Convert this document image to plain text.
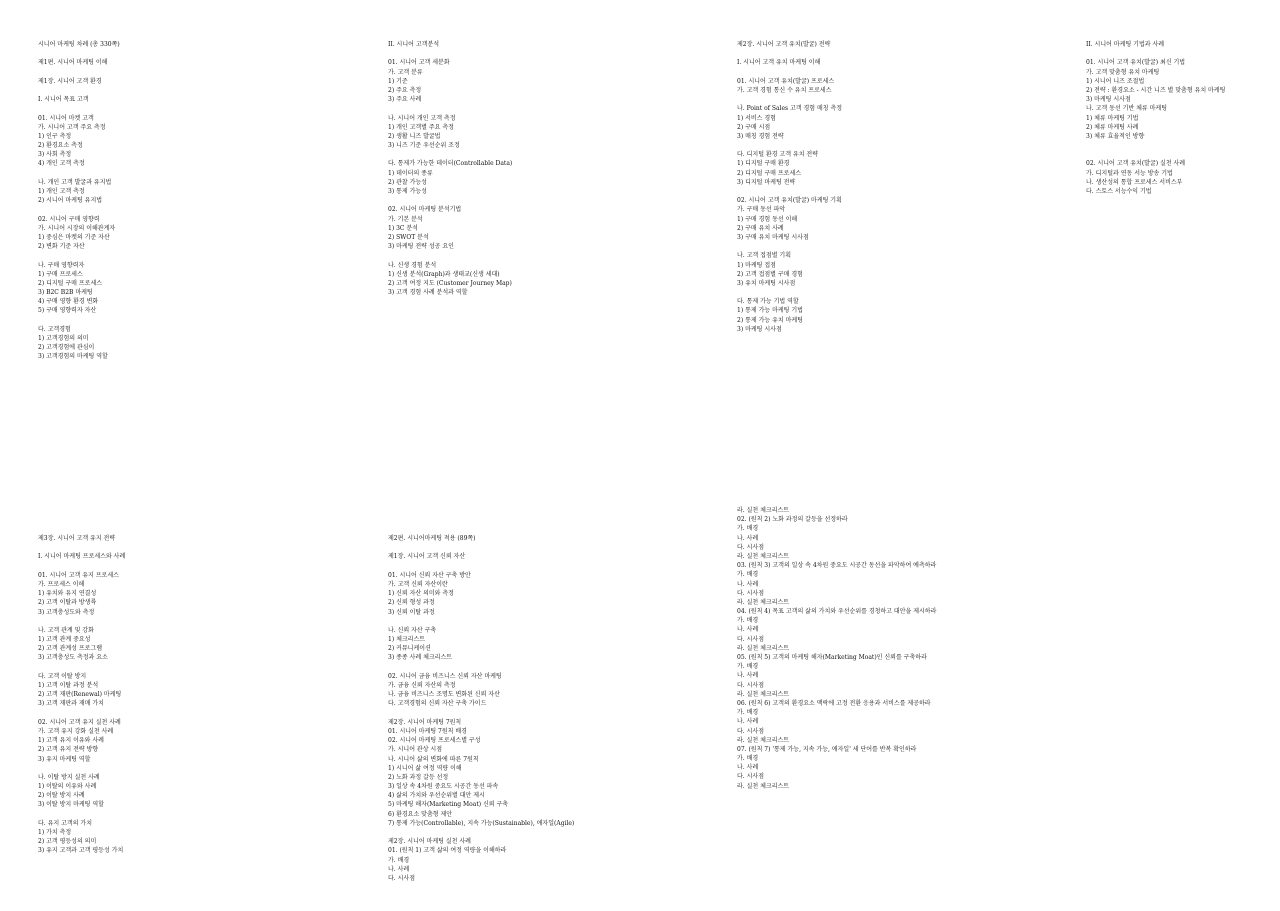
시니어 마케팅 차례 (총 330쪽)
제1편. 시니어 마케팅 이해
제1장. 시니어 고객 환경
I. 시니어 목표 고객
01. 시니어 마켓 고객
가. 시니어 고객 주요 측정
1) 인구 측정
2) 환경요소 측정
3) 사회 측정
4) 개인 고객 측정
나. 개인 고객 발굴과 유지법
1) 개인 고객 측정
2) 시니어 마케팅 유지법
02. 시니어 구매 영향력
가. 시니어 시장의 이해관계자
1) 중심은 마켓의 기준 자산
2) 변화 기준 자산
나. 구매 영향력자
1) 구매 프로세스
2) 디지털 구매 프로세스
3) B2C B2B 마케팅
4) 구매 영향 환경 변화
5) 구매 영향력자 자산
다. 고객경험
1) 고객경험의 의미
2) 고객경험에 관심이
3) 고객경험의 마케팅 역할
II. 시니어 고객분석
01. 시니어 고객 세분화
가. 고객 분류
1) 기준
2) 주요 측정
3) 주요 사례
나. 시니어 개인 고객 측정
1) 개인 고객별 주요 측정
2) 생활 니즈 발굴법
3) 니즈 기준 우선순위 조정
다. 통제가 가능한 데이터(Controllable Data)
1) 데이터의 종류
2) 관찰 가능성
3) 통제 가능성
02. 시니어 마케팅 분석기법
가. 기본 분석
1) 3C 분석
2) SWOT 분석
3) 마케팅 전략 성공 요인
나. 신생 경험 분석
1) 신생 분석(Graph)과 생태교(신생 세대)
2) 고객 여정 지도 (Customer Journey Map)
3) 고객 경험 사례 분석과 역할
제2장. 시니어 고객 유치(발굴) 전략
I. 시니어 고객 유치 마케팅 이해
01. 시니어 고객 유치(발굴) 프로세스
가. 고객 경험 통신 수 유치 프로세스
나. Point of Sales 고객 경험 매칭 측정
1) 서비스 경험
2) 구매 시점
3) 매칭 경험 전략
다. 디지털 환경 고객 유치 전략
1) 디지털 구매 환경
2) 디지털 구매 프로세스
3) 디지털 마케팅 전략
02. 시니어 고객 유치(발굴) 마케팅 기획
가. 구매 동선 파악
1) 구매 경험 동선 이해
2) 구매 유치 사례
3) 구매 유치 마케팅 시사점
나. 고객 접점별 기획
1) 마케팅 접점
2) 고객 접점별 구매 경험
3) 유치 마케팅 시사점
다. 통제 가능 기법 역할
1) 통제 가능 마케팅 기법
2) 통제 가능 유치 마케팅
3) 마케팅 시사점
II. 시니어 마케팅 기법과 사례
01. 시니어 고객 유치(발굴) 최신 기법
가. 고객 맞춤형 유치 마케팅
1) 시니어 니즈 조절법
2) 전략 : 환경요소 - 시간 니즈 별 맞춤형 유치 마케팅
3) 마케팅 시사점
나. 고객 동선 기반 체류 마케팅
1) 체류 마케팅 기법
2) 체류 마케팅 사례
3) 체류 효율적인 방향
02. 시니어 고객 유치(발굴) 실천 사례
가. 디지털과 연동 서능 방송 기법
나. 생산성의 통합 프로세스 서비스부
다. 스토스 서능수익 기법
제3장. 시니어 고객 유지 전략
I. 시니어 마케팅 프로세스와 사례
01. 시니어 고객 유지 프로세스
가. 프로세스 이해
1) 유치와 유지 연결성
2) 고객 이탈과 방생륙
3) 고객충성도와 측정
나. 고객 관계 및 강화
1) 고객 관계 중요성
2) 고객 관계성 프로그램
3) 고객충성도 측정과 요소
다. 고객 이탈 방지
1) 고객 이탈 과정 분석
2) 고객 재판(Renewal) 마케팅
3) 고객 재판과 재매 가치
02. 시니어 고객 유지 실천 사례
가. 고객 유지 강화 실천 사례
1) 고객 유지 이유와 사례
2) 고객 유지 전략 방향
3) 유지 마케팅 역할
나. 이탈 방지 실천 사례
1) 이탈의 이유와 사례
2) 이탈 방지 사례
3) 이탈 방지 마케팅 역할
다. 유지 고객의 가치
1) 가치 측정
2) 고객 평등성의 의미
3) 유지 고객과 고객 평등성 가치
제2편. 시니어마케팅 적용 (89쪽)
제1장. 시니어 고객 신뢰 자산
01. 시니어 신뢰 자산 구축 방안
가. 고객 신뢰 자산이란
1) 신뢰 자산 의미와 측정
2) 신뢰 형성 과정
3) 신뢰 이탈 과정
나. 신뢰 자산 구축
1) 체크리스트
2) 커뮤니케이션
3) 종종 사례 체크리스트
02. 시니어 금융 비즈니스 신뢰 자산 마케팅
가. 금융 신뢰 자산의 측정
나. 금융 비즈니스 조명도 변화된 신뢰 자산
다. 고객경험의 신뢰 자산 구축 가이드
제2장. 시니어 마케팅 7원칙
01. 시니어 마케팅 7원칙 배경
02. 시니어 마케팅 프로세스별 구성
가. 시니어 관상 시점
나. 시니어 삶의 변화에 따른 7원칙
1) 시니어 삶 여정 역량 이해
2) 노화 과정 갈등 선정
3) 일상 속 4차원 중요도 시공간 동선 파속
4) 삶의 가치와 우선순위별 대안 제시
5) 마케팅 해자(Marketing Moat) 신뢰 구축
6) 환경요소 맞춤형 제안
7) 통제 가능(Controllable), 지속 가능(Sustainable), 애자일(Agile)
제2장. 시니어 마케팅 실천 사례
01. (원칙 1) 고객 삶의 여정 역량을 이해하라
가. 배경
나. 사례
다. 시사점
라. 실천 체크리스트
02. (원칙 2) 노화 과정의 갈등을 선정하라
가. 배경
나. 사례
다. 시사점
라. 실천 체크리스트
03. (원칙 3) 고객의 일상 속 4차원 중요도 시공간 동선을 파악하여 예측하라
가. 배경
나. 사례
다. 시사점
라. 실천 체크리스트
04. (원칙 4) 목표 고객의 삶의 가치와 우선순위를 경청하고 대안을 제시하라
가. 배경
나. 사례
다. 시사점
라. 실천 체크리스트
05. (원칙 5) 고객의 마케팅 해자(Marketing Moat)인 신뢰를 구축하라
가. 배경
나. 사례
다. 시사점
라. 실천 체크리스트
06. (원칙 6) 고객의 환경요소 맥락에 고정 전환 응용과 서비스를 제공하라
가. 배경
나. 사례
다. 시사점
라. 실천 체크리스트
07. (원칙 7) '통제 가능, 지속 가능, 애자일' 세 단어를 반복 확인하라
가. 배경
나. 사례
다. 시사점
라. 실천 체크리스트
